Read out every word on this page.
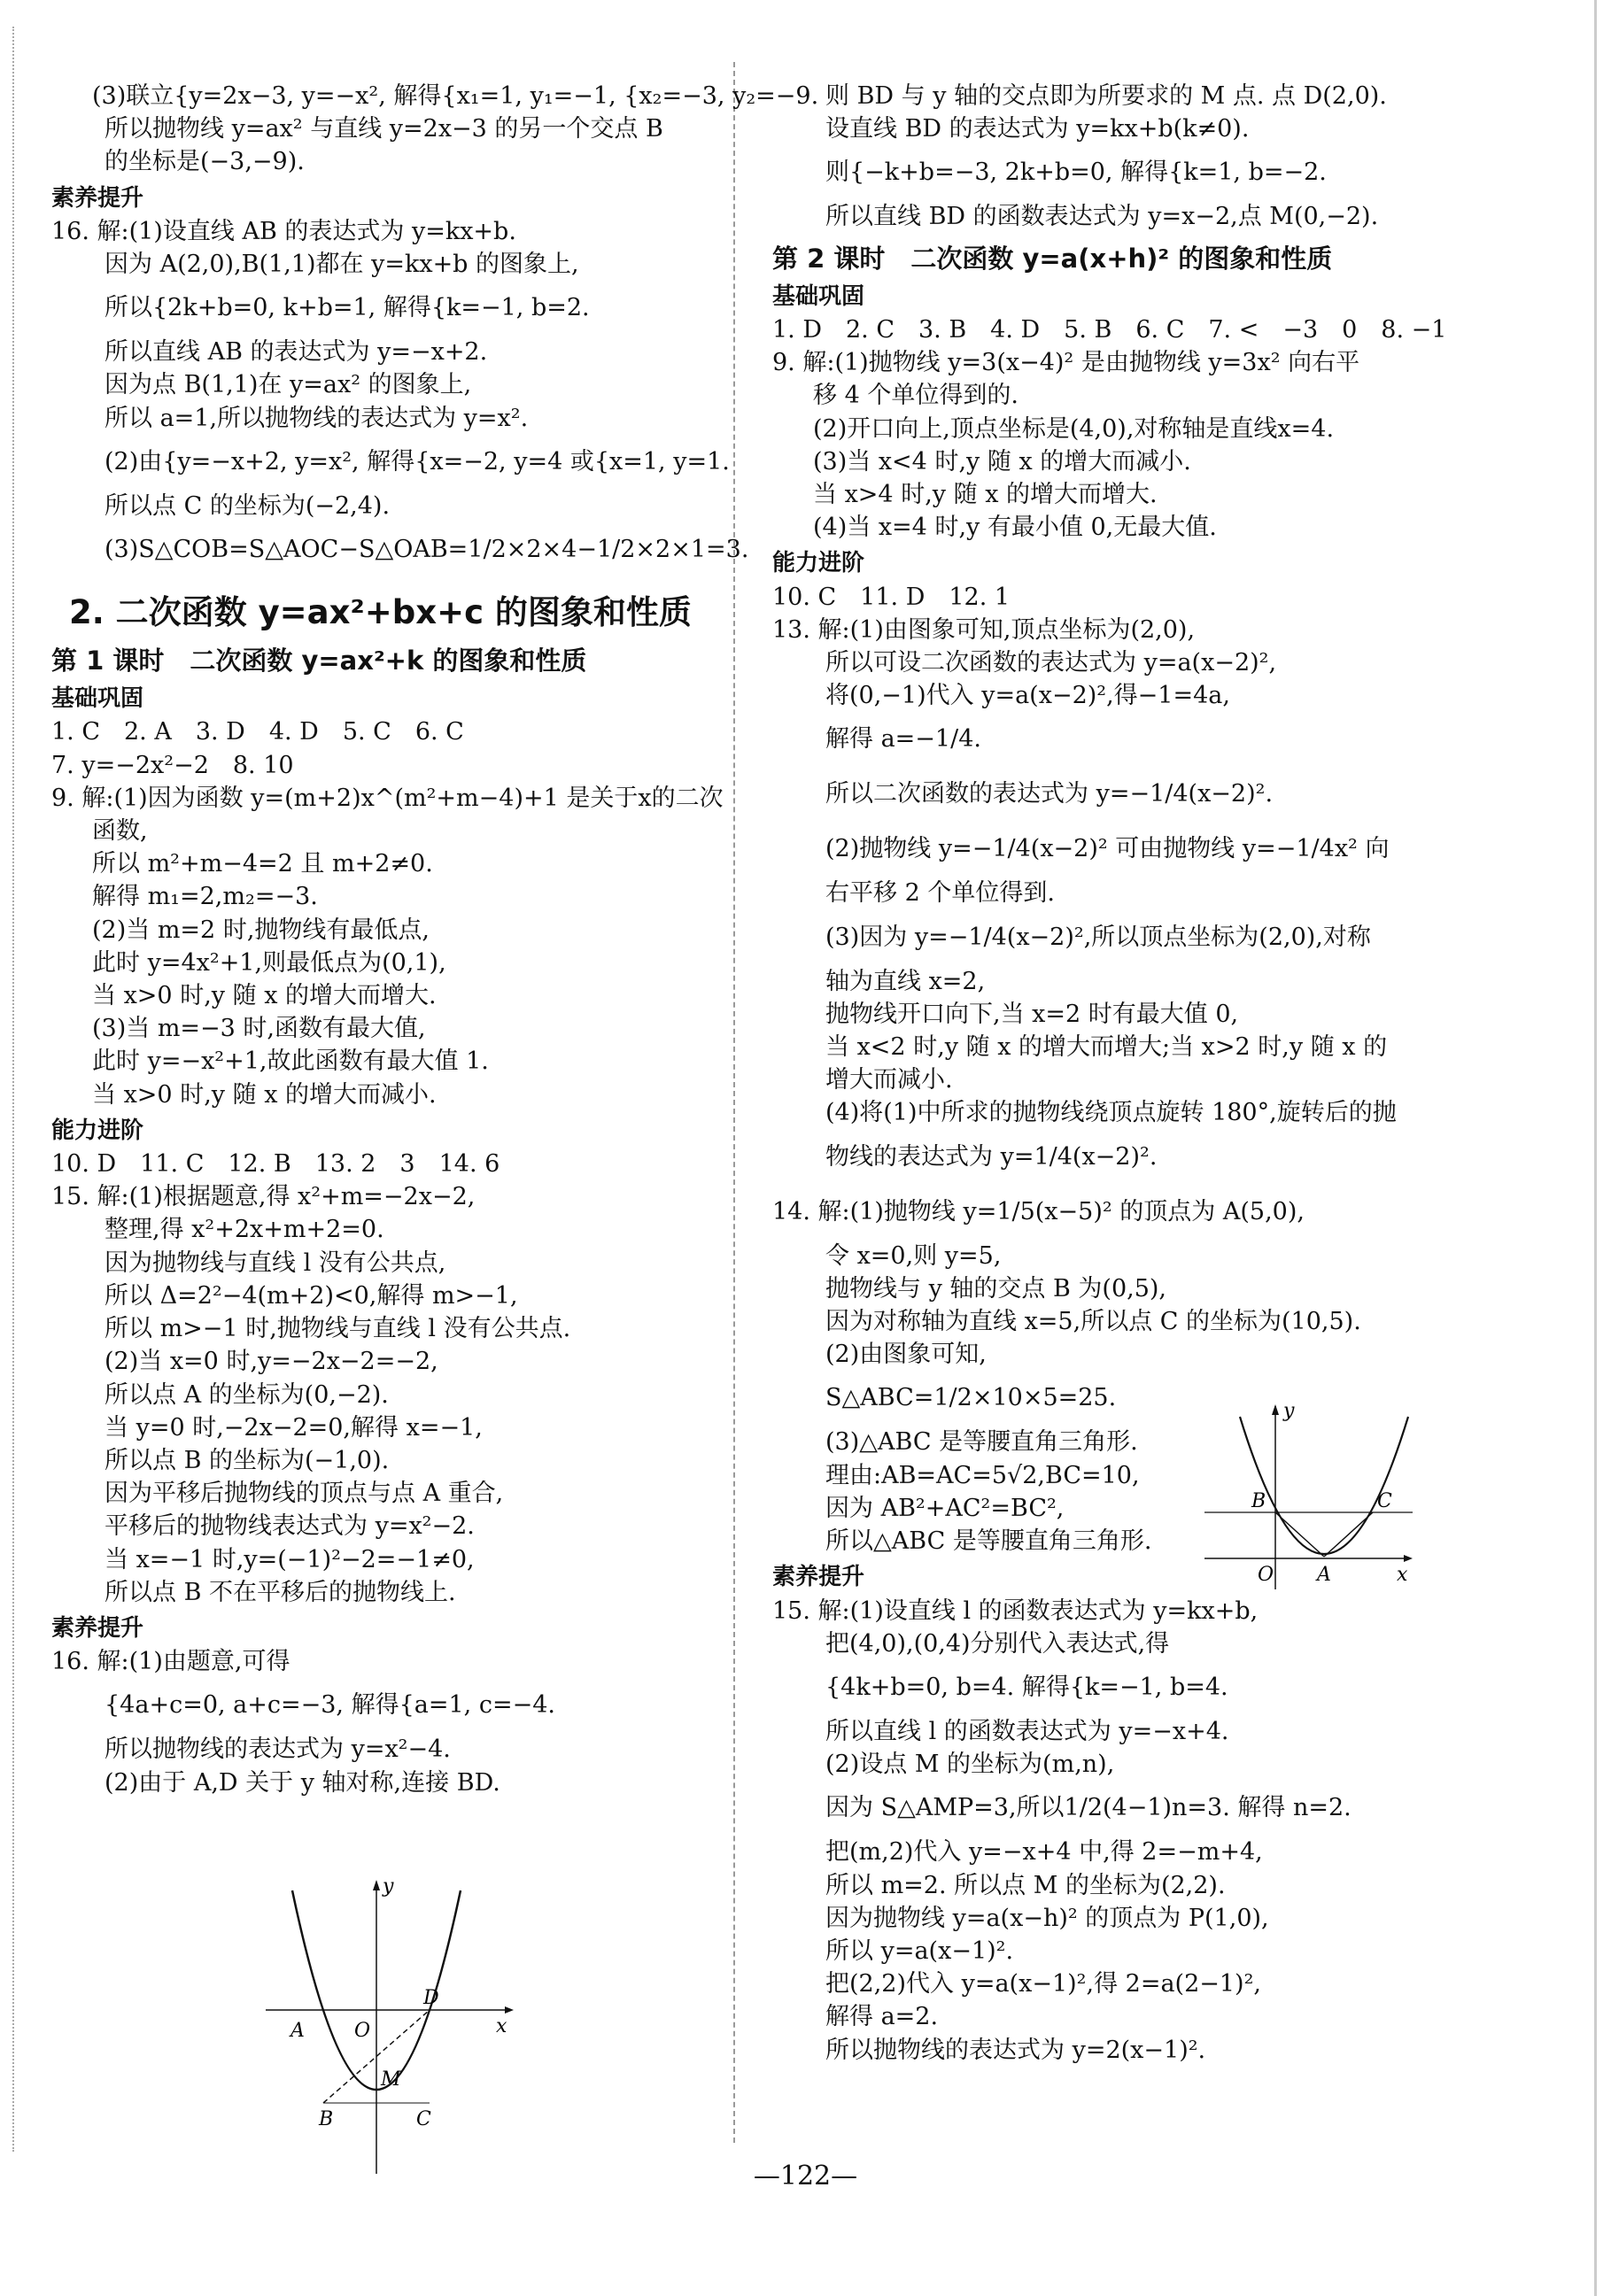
(3)联立{y=2x−3, y=−x², 解得{x₁=1, y₁=−1, {x₂=−3, y₂=−9.
所以抛物线 y=ax² 与直线 y=2x−3 的另一个交点 B
的坐标是(−3,−9).
素养提升
16. 解:(1)设直线 AB 的表达式为 y=kx+b.
因为 A(2,0),B(1,1)都在 y=kx+b 的图象上,
所以{2k+b=0, k+b=1, 解得{k=−1, b=2.
所以直线 AB 的表达式为 y=−x+2.
因为点 B(1,1)在 y=ax² 的图象上,
所以 a=1,所以抛物线的表达式为 y=x².
(2)由{y=−x+2, y=x², 解得{x=−2, y=4 或{x=1, y=1.
所以点 C 的坐标为(−2,4).
(3)S△COB=S△AOC−S△OAB=1/2×2×4−1/2×2×1=3.
2. 二次函数 y=ax²+bx+c 的图象和性质
第 1 课时　二次函数 y=ax²+k 的图象和性质
基础巩固
1. C　2. A　3. D　4. D　5. C　6. C
7. y=−2x²−2　8. 10
9. 解:(1)因为函数 y=(m+2)x^(m²+m−4)+1 是关于x的二次
函数,
所以 m²+m−4=2 且 m+2≠0.
解得 m₁=2,m₂=−3.
(2)当 m=2 时,抛物线有最低点,
此时 y=4x²+1,则最低点为(0,1),
当 x>0 时,y 随 x 的增大而增大.
(3)当 m=−3 时,函数有最大值,
此时 y=−x²+1,故此函数有最大值 1.
当 x>0 时,y 随 x 的增大而减小.
能力进阶
10. D　11. C　12. B　13. 2　3　14. 6
15. 解:(1)根据题意,得 x²+m=−2x−2,
整理,得 x²+2x+m+2=0.
因为抛物线与直线 l 没有公共点,
所以 Δ=2²−4(m+2)<0,解得 m>−1,
所以 m>−1 时,抛物线与直线 l 没有公共点.
(2)当 x=0 时,y=−2x−2=−2,
所以点 A 的坐标为(0,−2).
当 y=0 时,−2x−2=0,解得 x=−1,
所以点 B 的坐标为(−1,0).
因为平移后抛物线的顶点与点 A 重合,
平移后的抛物线表达式为 y=x²−2.
当 x=−1 时,y=(−1)²−2=−1≠0,
所以点 B 不在平移后的抛物线上.
素养提升
16. 解:(1)由题意,可得
{4a+c=0, a+c=−3, 解得{a=1, c=−4.
所以抛物线的表达式为 y=x²−4.
(2)由于 A,D 关于 y 轴对称,连接 BD.
则 BD 与 y 轴的交点即为所要求的 M 点. 点 D(2,0).
设直线 BD 的表达式为 y=kx+b(k≠0).
则{−k+b=−3, 2k+b=0, 解得{k=1, b=−2.
所以直线 BD 的函数表达式为 y=x−2,点 M(0,−2).
第 2 课时　二次函数 y=a(x+h)² 的图象和性质
基础巩固
1. D　2. C　3. B　4. D　5. B　6. C　7. <　−3　0　8. −1
9. 解:(1)抛物线 y=3(x−4)² 是由抛物线 y=3x² 向右平
移 4 个单位得到的.
(2)开口向上,顶点坐标是(4,0),对称轴是直线x=4.
(3)当 x<4 时,y 随 x 的增大而减小.
当 x>4 时,y 随 x 的增大而增大.
(4)当 x=4 时,y 有最小值 0,无最大值.
能力进阶
10. C　11. D　12. 1
13. 解:(1)由图象可知,顶点坐标为(2,0),
所以可设二次函数的表达式为 y=a(x−2)²,
将(0,−1)代入 y=a(x−2)²,得−1=4a,
解得 a=−1/4.
所以二次函数的表达式为 y=−1/4(x−2)².
(2)抛物线 y=−1/4(x−2)² 可由抛物线 y=−1/4x² 向
右平移 2 个单位得到.
(3)因为 y=−1/4(x−2)²,所以顶点坐标为(2,0),对称
轴为直线 x=2,
抛物线开口向下,当 x=2 时有最大值 0,
当 x<2 时,y 随 x 的增大而增大;当 x>2 时,y 随 x 的
增大而减小.
(4)将(1)中所求的抛物线绕顶点旋转 180°,旋转后的抛
物线的表达式为 y=1/4(x−2)².
14. 解:(1)抛物线 y=1/5(x−5)² 的顶点为 A(5,0),
令 x=0,则 y=5,
抛物线与 y 轴的交点 B 为(0,5),
因为对称轴为直线 x=5,所以点 C 的坐标为(10,5).
(2)由图象可知,
S△ABC=1/2×10×5=25.
(3)△ABC 是等腰直角三角形.
理由:AB=AC=5√2,BC=10,
因为 AB²+AC²=BC²,
所以△ABC 是等腰直角三角形.
素养提升
15. 解:(1)设直线 l 的函数表达式为 y=kx+b,
把(4,0),(0,4)分别代入表达式,得
{4k+b=0, b=4. 解得{k=−1, b=4.
所以直线 l 的函数表达式为 y=−x+4.
(2)设点 M 的坐标为(m,n),
因为 S△AMP=3,所以1/2(4−1)n=3. 解得 n=2.
把(m,2)代入 y=−x+4 中,得 2=−m+4,
所以 m=2. 所以点 M 的坐标为(2,2).
因为抛物线 y=a(x−h)² 的顶点为 P(1,0),
所以 y=a(x−1)².
把(2,2)代入 y=a(x−1)²,得 2=a(2−1)²,
解得 a=2.
所以抛物线的表达式为 y=2(x−1)².
A	O
D
M
B	C
y
x
B	C
O A
y
x
—122—
